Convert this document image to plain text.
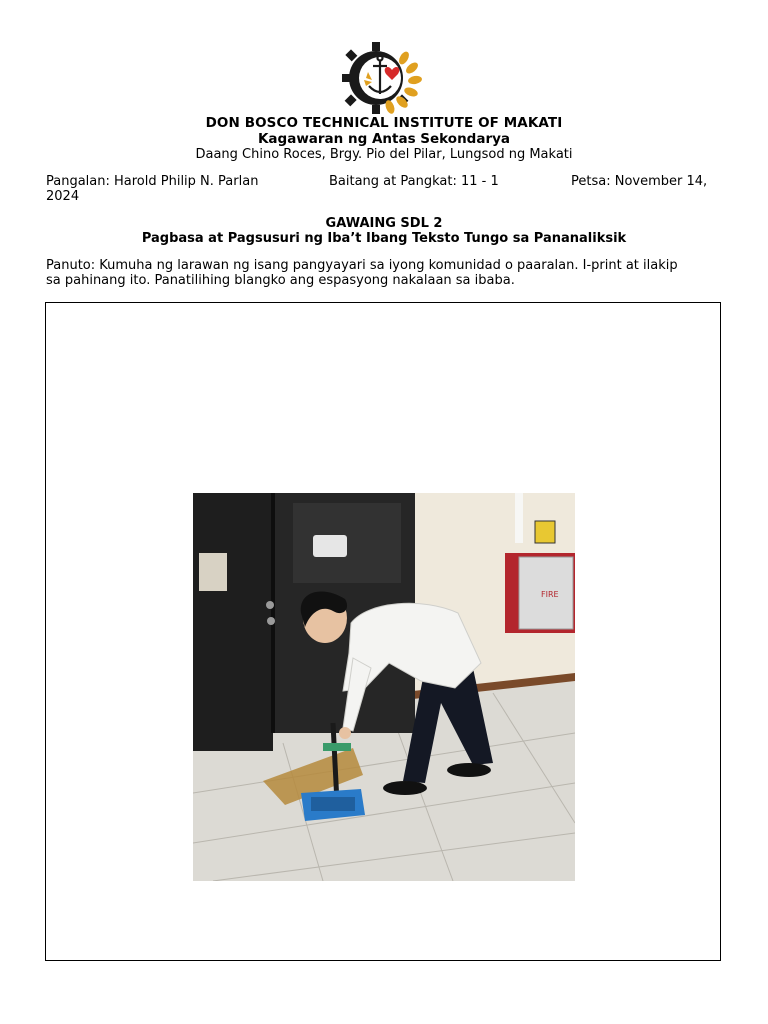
DON BOSCO TECHNICAL INSTITUTE OF MAKATI
Kagawaran ng Antas Sekondarya
Daang Chino Roces, Brgy. Pio del Pilar, Lungsod ng Makati
Pangalan: Harold Philip N. Parlan	Baitang at Pangkat: 11 - 1	Petsa: November 14,
2024
GAWAING SDL 2
Pagbasa at Pagsusuri ng Iba’t Ibang Teksto Tungo sa Pananaliksik
Panuto: Kumuha ng larawan ng isang pangyayari sa iyong komunidad o paaralan. I-print at ilakip
sa pahinang ito. Panatilihing blangko ang espasyong nakalaan sa ibaba.
FIRE
